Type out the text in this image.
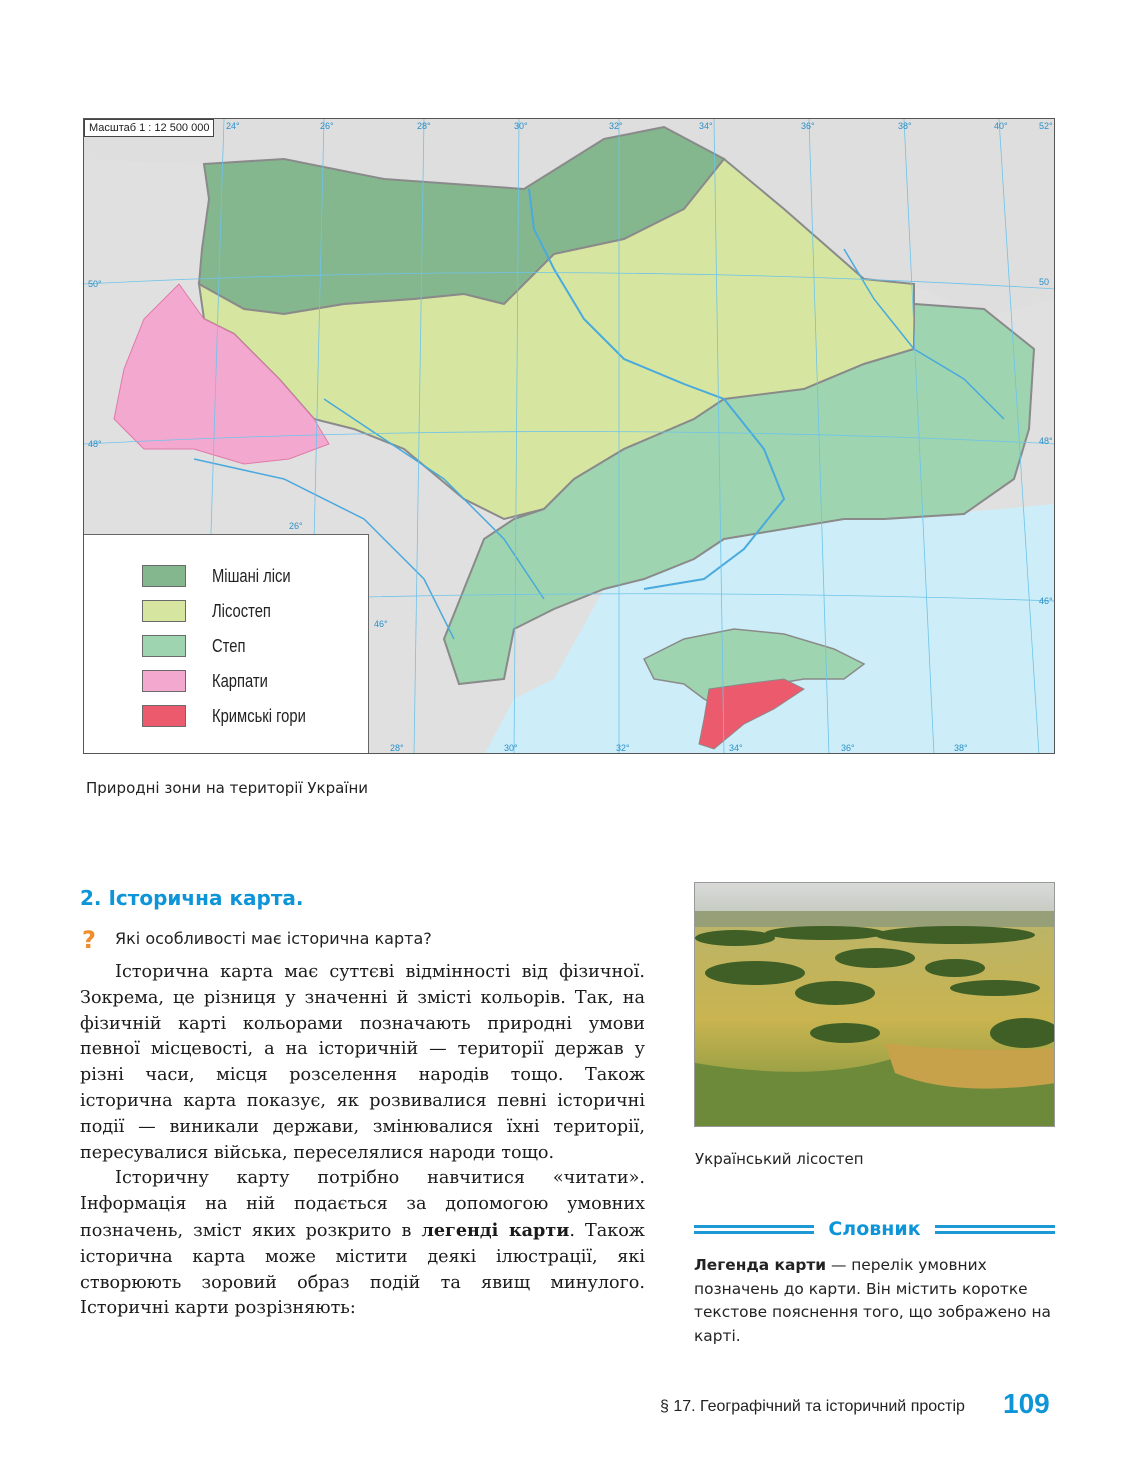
24°	26°	28°	30°	32°	34°	36°	38°	40°	52°
26°
28°	30°	32°	34°	36°	38°
50
48°
46°
50°
48°
46°
Масштаб 1 : 12 500 000
Мішані ліси
Лісостеп
Степ
Карпати
Кримські гори
Природні зони на території України
2. Історична карта.
? Які особливості має історична карта?

Історична карта має суттєві відмінності від фізичної. Зокрема, це різниця у значенні й змісті кольорів. Так, на фізичній карті кольорами позначають природні умови певної місцевості, а на історичній — території держав у різні часи, місця розселення народів тощо. Також історична карта показує, як розвивалися певні історичні події — виникали держави, змінювалися їхні території, пересувалися війська, переселялися народи тощо.

Історичну карту потрібно навчитися «читати». Інформація на ній подається за допомогою умовних позначень, зміст яких розкрито в легенді карти. Також історична карта може містити деякі ілюстрації, які створюють зоровий образ подій та явищ минулого. Історичні карти розрізняють:

Український лісостеп
Словник
Легенда карти — перелік умовних позначень до карти. Він містить коротке текстове пояснення того, що зображено на карті.
§ 17. Географічний та історичний простір 109
